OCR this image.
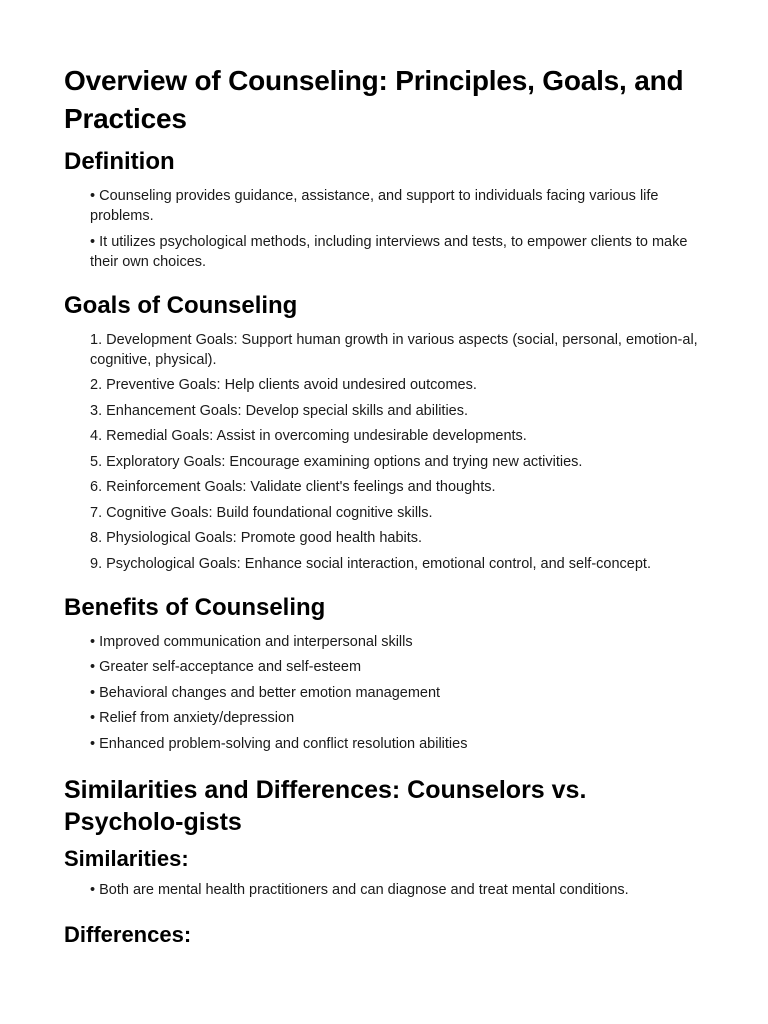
Overview of Counseling: Principles, Goals, and Practices
Definition
• Counseling provides guidance, assistance, and support to individuals facing various life problems.
• It utilizes psychological methods, including interviews and tests, to empower clients to make their own choices.
Goals of Counseling
1. Development Goals: Support human growth in various aspects (social, personal, emotion-al, cognitive, physical).
2. Preventive Goals: Help clients avoid undesired outcomes.
3. Enhancement Goals: Develop special skills and abilities.
4. Remedial Goals: Assist in overcoming undesirable developments.
5. Exploratory Goals: Encourage examining options and trying new activities.
6. Reinforcement Goals: Validate client's feelings and thoughts.
7. Cognitive Goals: Build foundational cognitive skills.
8. Physiological Goals: Promote good health habits.
9. Psychological Goals: Enhance social interaction, emotional control, and self-concept.
Benefits of Counseling
• Improved communication and interpersonal skills
• Greater self-acceptance and self-esteem
• Behavioral changes and better emotion management
• Relief from anxiety/depression
• Enhanced problem-solving and conflict resolution abilities
Similarities and Differences: Counselors vs. Psycholo-gists
Similarities:
• Both are mental health practitioners and can diagnose and treat mental conditions.
Differences:
